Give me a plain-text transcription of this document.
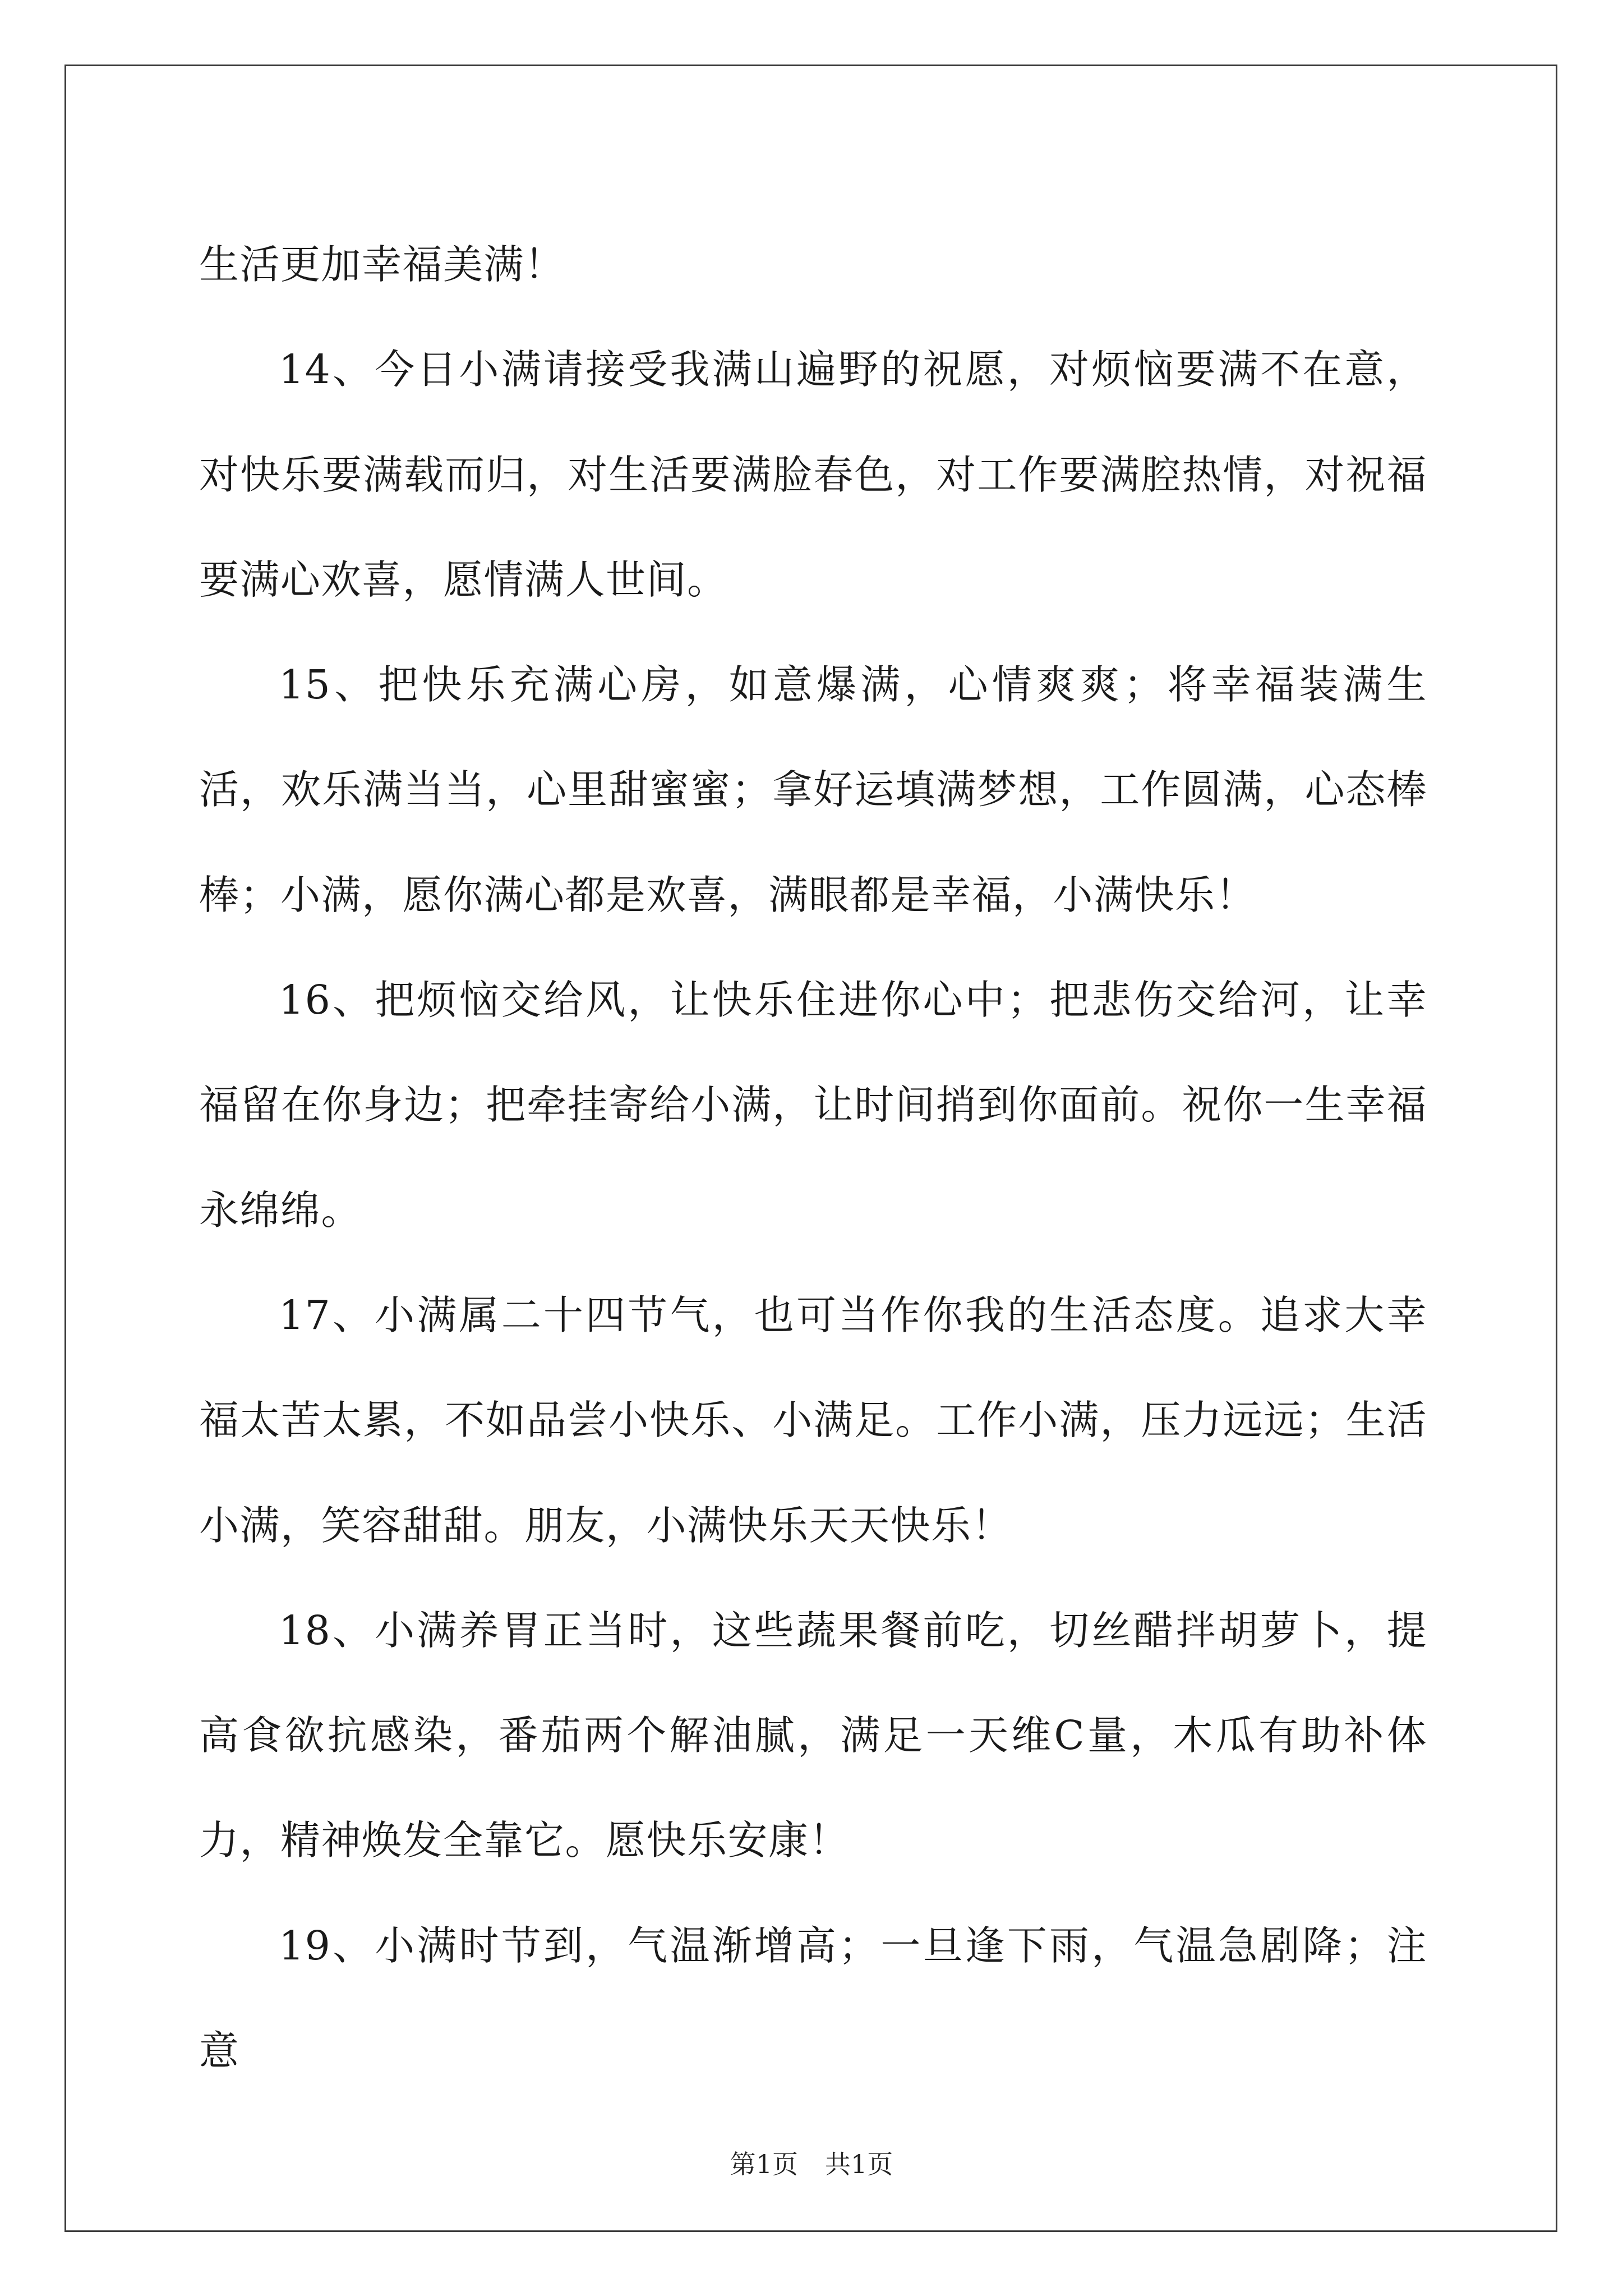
生活更加幸福美满！

14、今日小满请接受我满山遍野的祝愿，对烦恼要满不在意，对快乐要满载而归，对生活要满脸春色，对工作要满腔热情，对祝福要满心欢喜，愿情满人世间。

15、把快乐充满心房，如意爆满，心情爽爽；将幸福装满生活，欢乐满当当，心里甜蜜蜜；拿好运填满梦想，工作圆满，心态棒棒；小满，愿你满心都是欢喜，满眼都是幸福，小满快乐！

16、把烦恼交给风，让快乐住进你心中；把悲伤交给河，让幸福留在你身边；把牵挂寄给小满，让时间捎到你面前。祝你一生幸福永绵绵。

17、小满属二十四节气，也可当作你我的生活态度。追求大幸福太苦太累，不如品尝小快乐、小满足。工作小满，压力远远；生活小满，笑容甜甜。朋友，小满快乐天天快乐！

18、小满养胃正当时，这些蔬果餐前吃，切丝醋拌胡萝卜，提高食欲抗感染，番茄两个解油腻，满足一天维C量，木瓜有助补体力，精神焕发全靠它。愿快乐安康！

19、小满时节到，气温渐增高；一旦逢下雨，气温急剧降；注意

第1页 共1页
